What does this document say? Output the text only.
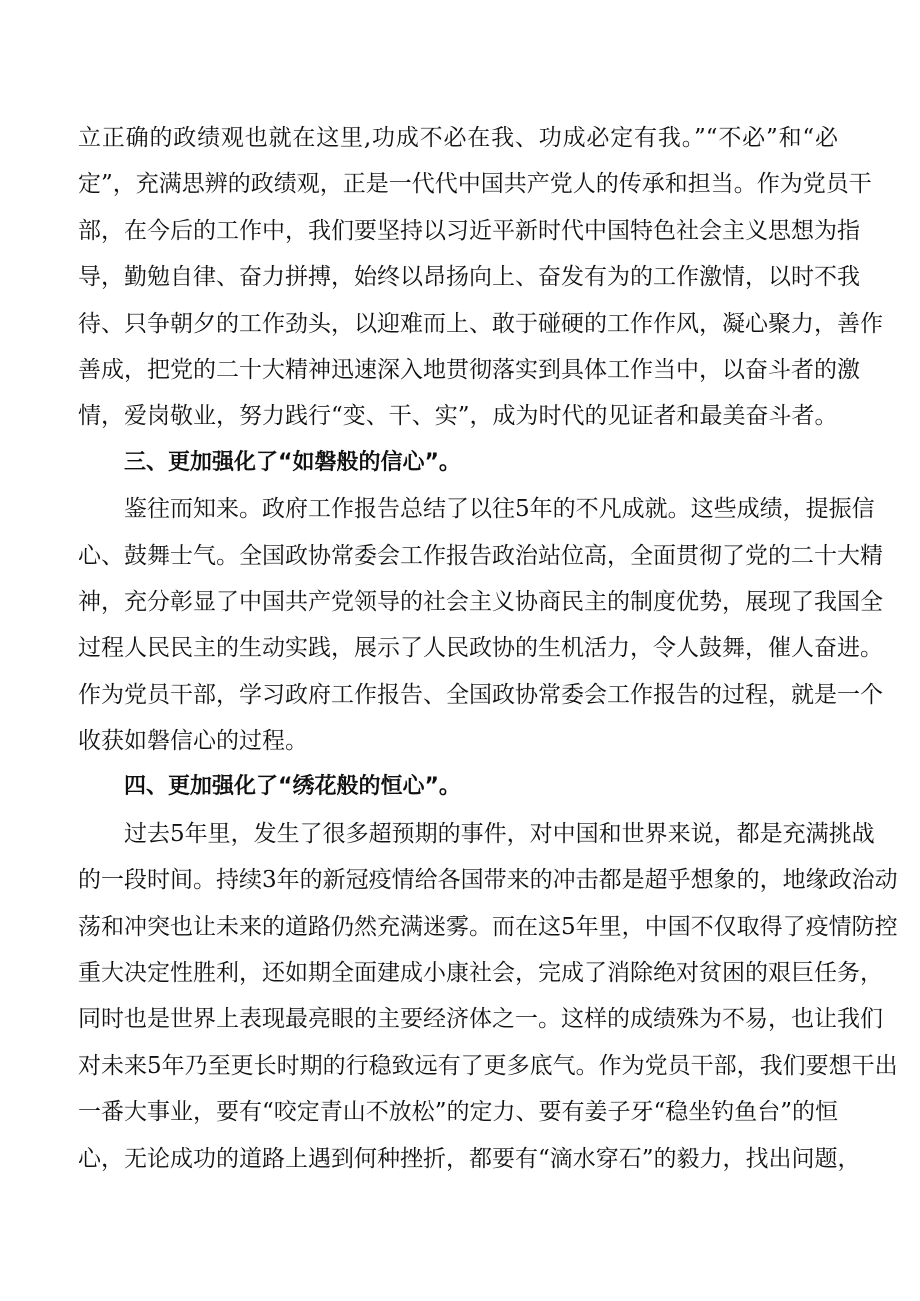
立正确的政绩观也就在这里,功成不必在我、功成必定有我。”“不必”和“必
定”，充满思辨的政绩观，正是一代代中国共产党人的传承和担当。作为党员干
部，在今后的工作中，我们要坚持以习近平新时代中国特色社会主义思想为指
导，勤勉自律、奋力拼搏，始终以昂扬向上、奋发有为的工作激情，以时不我
待、只争朝夕的工作劲头，以迎难而上、敢于碰硬的工作作风，凝心聚力，善作
善成，把党的二十大精神迅速深入地贯彻落实到具体工作当中，以奋斗者的激
情，爱岗敬业，努力践行“变、干、实”，成为时代的见证者和最美奋斗者。
三、更加强化了“如磐般的信心”。
鉴往而知来。政府工作报告总结了以往5年的不凡成就。这些成绩，提振信
心、鼓舞士气。全国政协常委会工作报告政治站位高，全面贯彻了党的二十大精
神，充分彰显了中国共产党领导的社会主义协商民主的制度优势，展现了我国全
过程人民民主的生动实践，展示了人民政协的生机活力，令人鼓舞，催人奋进。
作为党员干部，学习政府工作报告、全国政协常委会工作报告的过程，就是一个
收获如磐信心的过程。
四、更加强化了“绣花般的恒心”。
过去5年里，发生了很多超预期的事件，对中国和世界来说，都是充满挑战
的一段时间。持续3年的新冠疫情给各国带来的冲击都是超乎想象的，地缘政治动
荡和冲突也让未来的道路仍然充满迷雾。而在这5年里，中国不仅取得了疫情防控
重大决定性胜利，还如期全面建成小康社会，完成了消除绝对贫困的艰巨任务，
同时也是世界上表现最亮眼的主要经济体之一。这样的成绩殊为不易，也让我们
对未来5年乃至更长时期的行稳致远有了更多底气。作为党员干部，我们要想干出
一番大事业，要有“咬定青山不放松”的定力、要有姜子牙“稳坐钓鱼台”的恒
心，无论成功的道路上遇到何种挫折，都要有“滴水穿石”的毅力，找出问题，
